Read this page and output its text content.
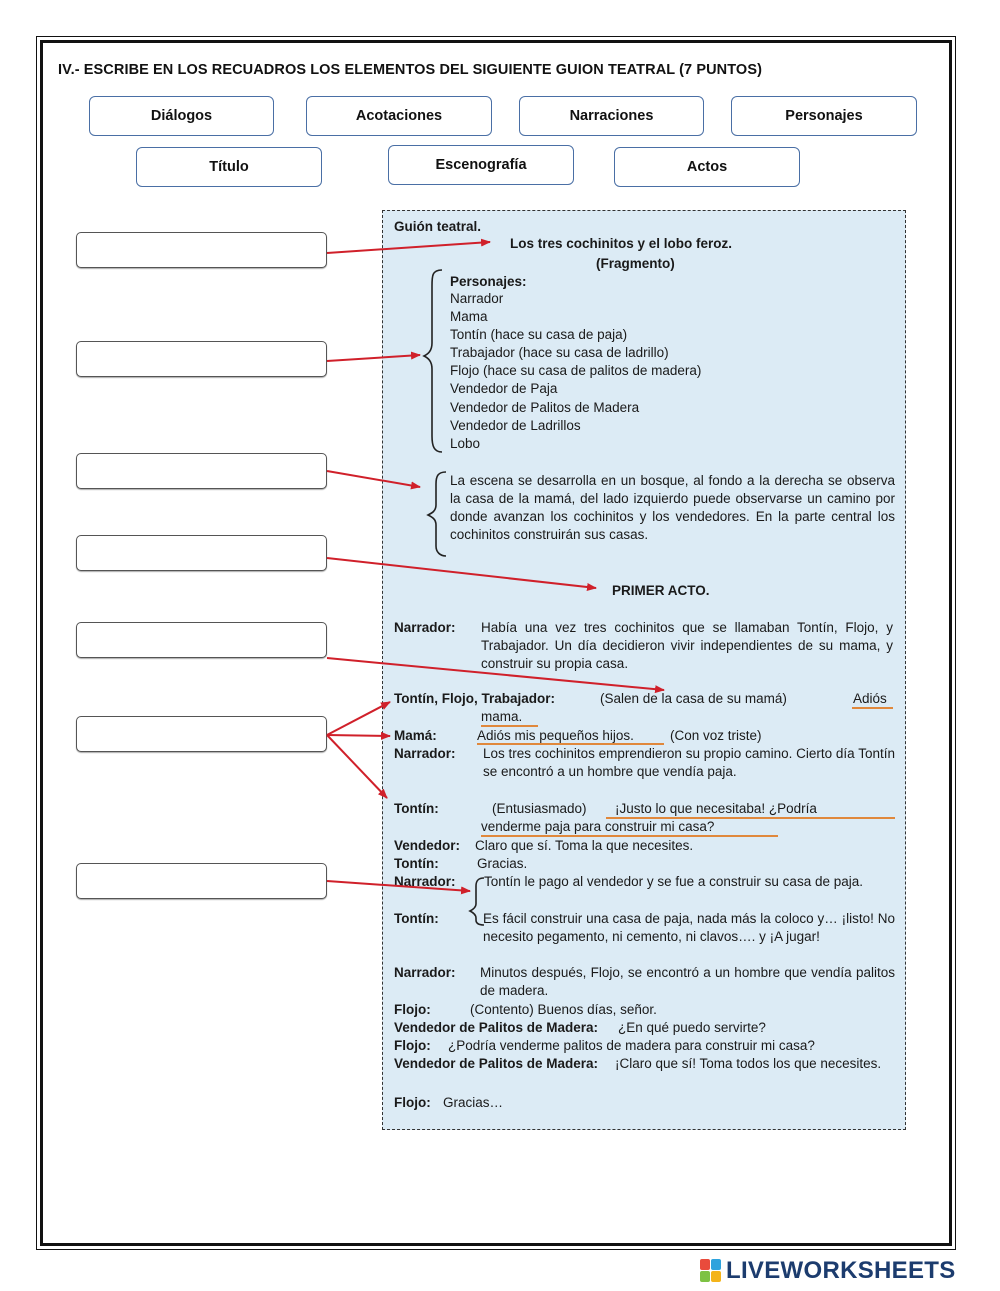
IV.- ESCRIBE EN LOS RECUADROS LOS ELEMENTOS DEL SIGUIENTE GUION TEATRAL (7 PUNTOS)
Diálogos	Acotaciones	Narraciones	Personajes
Título	Escenografía	Actos
Guión teatral.
Los tres cochinitos y el lobo feroz.
(Fragmento)
Personajes:
Narrador
Mama
Tontín (hace su casa de paja)
Trabajador (hace su casa de ladrillo)
Flojo (hace su casa de palitos de madera)
Vendedor de Paja
Vendedor de Palitos de Madera
Vendedor de Ladrillos
Lobo
La escena se desarrolla en un bosque, al fondo a la derecha se observa la casa de la mamá, del lado izquierdo puede observarse un camino por donde avanzan los cochinitos y los vendedores. En la parte central los cochinitos construirán sus casas.
PRIMER ACTO.
Narrador: Había una vez tres cochinitos que se llamaban Tontín, Flojo, y Trabajador. Un día decidieron vivir independientes de su mama, y construir su propia casa.
Tontín, Flojo, Trabajador:	(Salen de la casa de su mamá)	Adiós
mama.
Mamá:	Adiós mis pequeños hijos.	(Con voz triste)
Narrador: Los tres cochinitos emprendieron su propio camino. Cierto día Tontín se encontró a un hombre que vendía paja.
Tontín:	(Entusiasmado) ¡Justo lo que necesitaba! ¿Podría
venderme paja para construir mi casa?
Vendedor: Claro que sí. Toma la que necesites.
Tontín:	Gracias.
Narrador: Tontín le pago al vendedor y se fue a construir su casa de paja.
Tontín:	Es fácil construir una casa de paja, nada más la coloco y… ¡listo! No necesito pegamento, ni cemento, ni clavos…. y ¡A jugar!
Narrador: Minutos después, Flojo, se encontró a un hombre que vendía palitos de madera.
Flojo:	(Contento) Buenos días, señor.
Vendedor de Palitos de Madera: ¿En qué puedo servirte?
Flojo: ¿Podría venderme palitos de madera para construir mi casa?
Vendedor de Palitos de Madera: ¡Claro que sí! Toma todos los que necesites.
Flojo: Gracias…
LIVEWORKSHEETS
